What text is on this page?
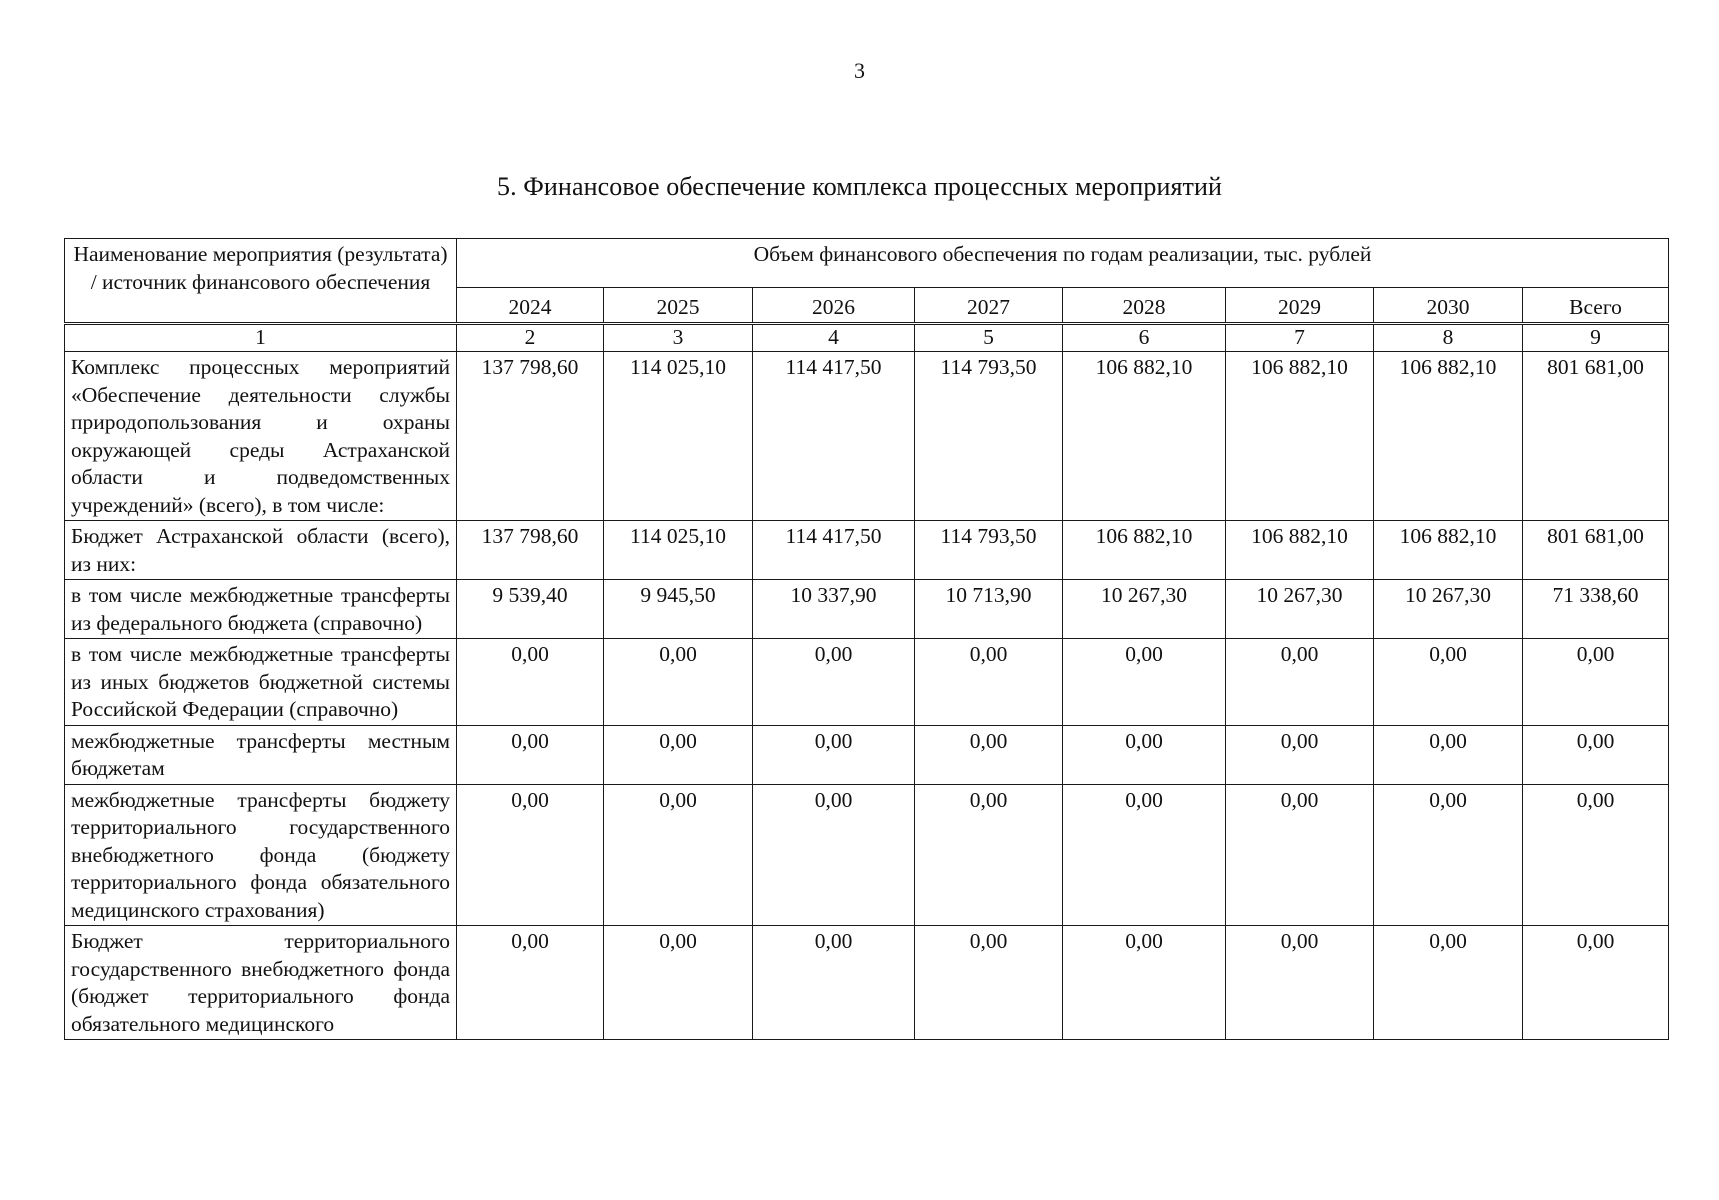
3
5. Финансовое обеспечение комплекса процессных мероприятий
Наименование мероприятия (результата) / источник финансового обеспечения	Объем финансового обеспечения по годам реализации, тыс. рублей							
	2024	2025	2026	2027	2028	2029	2030	Всего
1	2	3	4	5	6	7	8	9
Комплекс процессных мероприятий «Обеспечение деятельности службы природопользования и охраны окружающей среды Астраханской области и подведомственных учреждений» (всего), в том числе:	137 798,60	114 025,10	114 417,50	114 793,50	106 882,10	106 882,10	106 882,10	801 681,00
Бюджет Астраханской области (всего), из них:	137 798,60	114 025,10	114 417,50	114 793,50	106 882,10	106 882,10	106 882,10	801 681,00
в том числе межбюджетные трансферты из федерального бюджета (справочно)	9 539,40	9 945,50	10 337,90	10 713,90	10 267,30	10 267,30	10 267,30	71 338,60
в том числе межбюджетные трансферты из иных бюджетов бюджетной системы Российской Федерации (справочно)	0,00	0,00	0,00	0,00	0,00	0,00	0,00	0,00
межбюджетные трансферты местным бюджетам	0,00	0,00	0,00	0,00	0,00	0,00	0,00	0,00
межбюджетные трансферты бюджету территориального государственного внебюджетного фонда (бюджету территориального фонда обязательного медицинского страхования)	0,00	0,00	0,00	0,00	0,00	0,00	0,00	0,00
Бюджет территориального государственного внебюджетного фонда (бюджет территориального фонда обязательного медицинского	0,00	0,00	0,00	0,00	0,00	0,00	0,00	0,00
